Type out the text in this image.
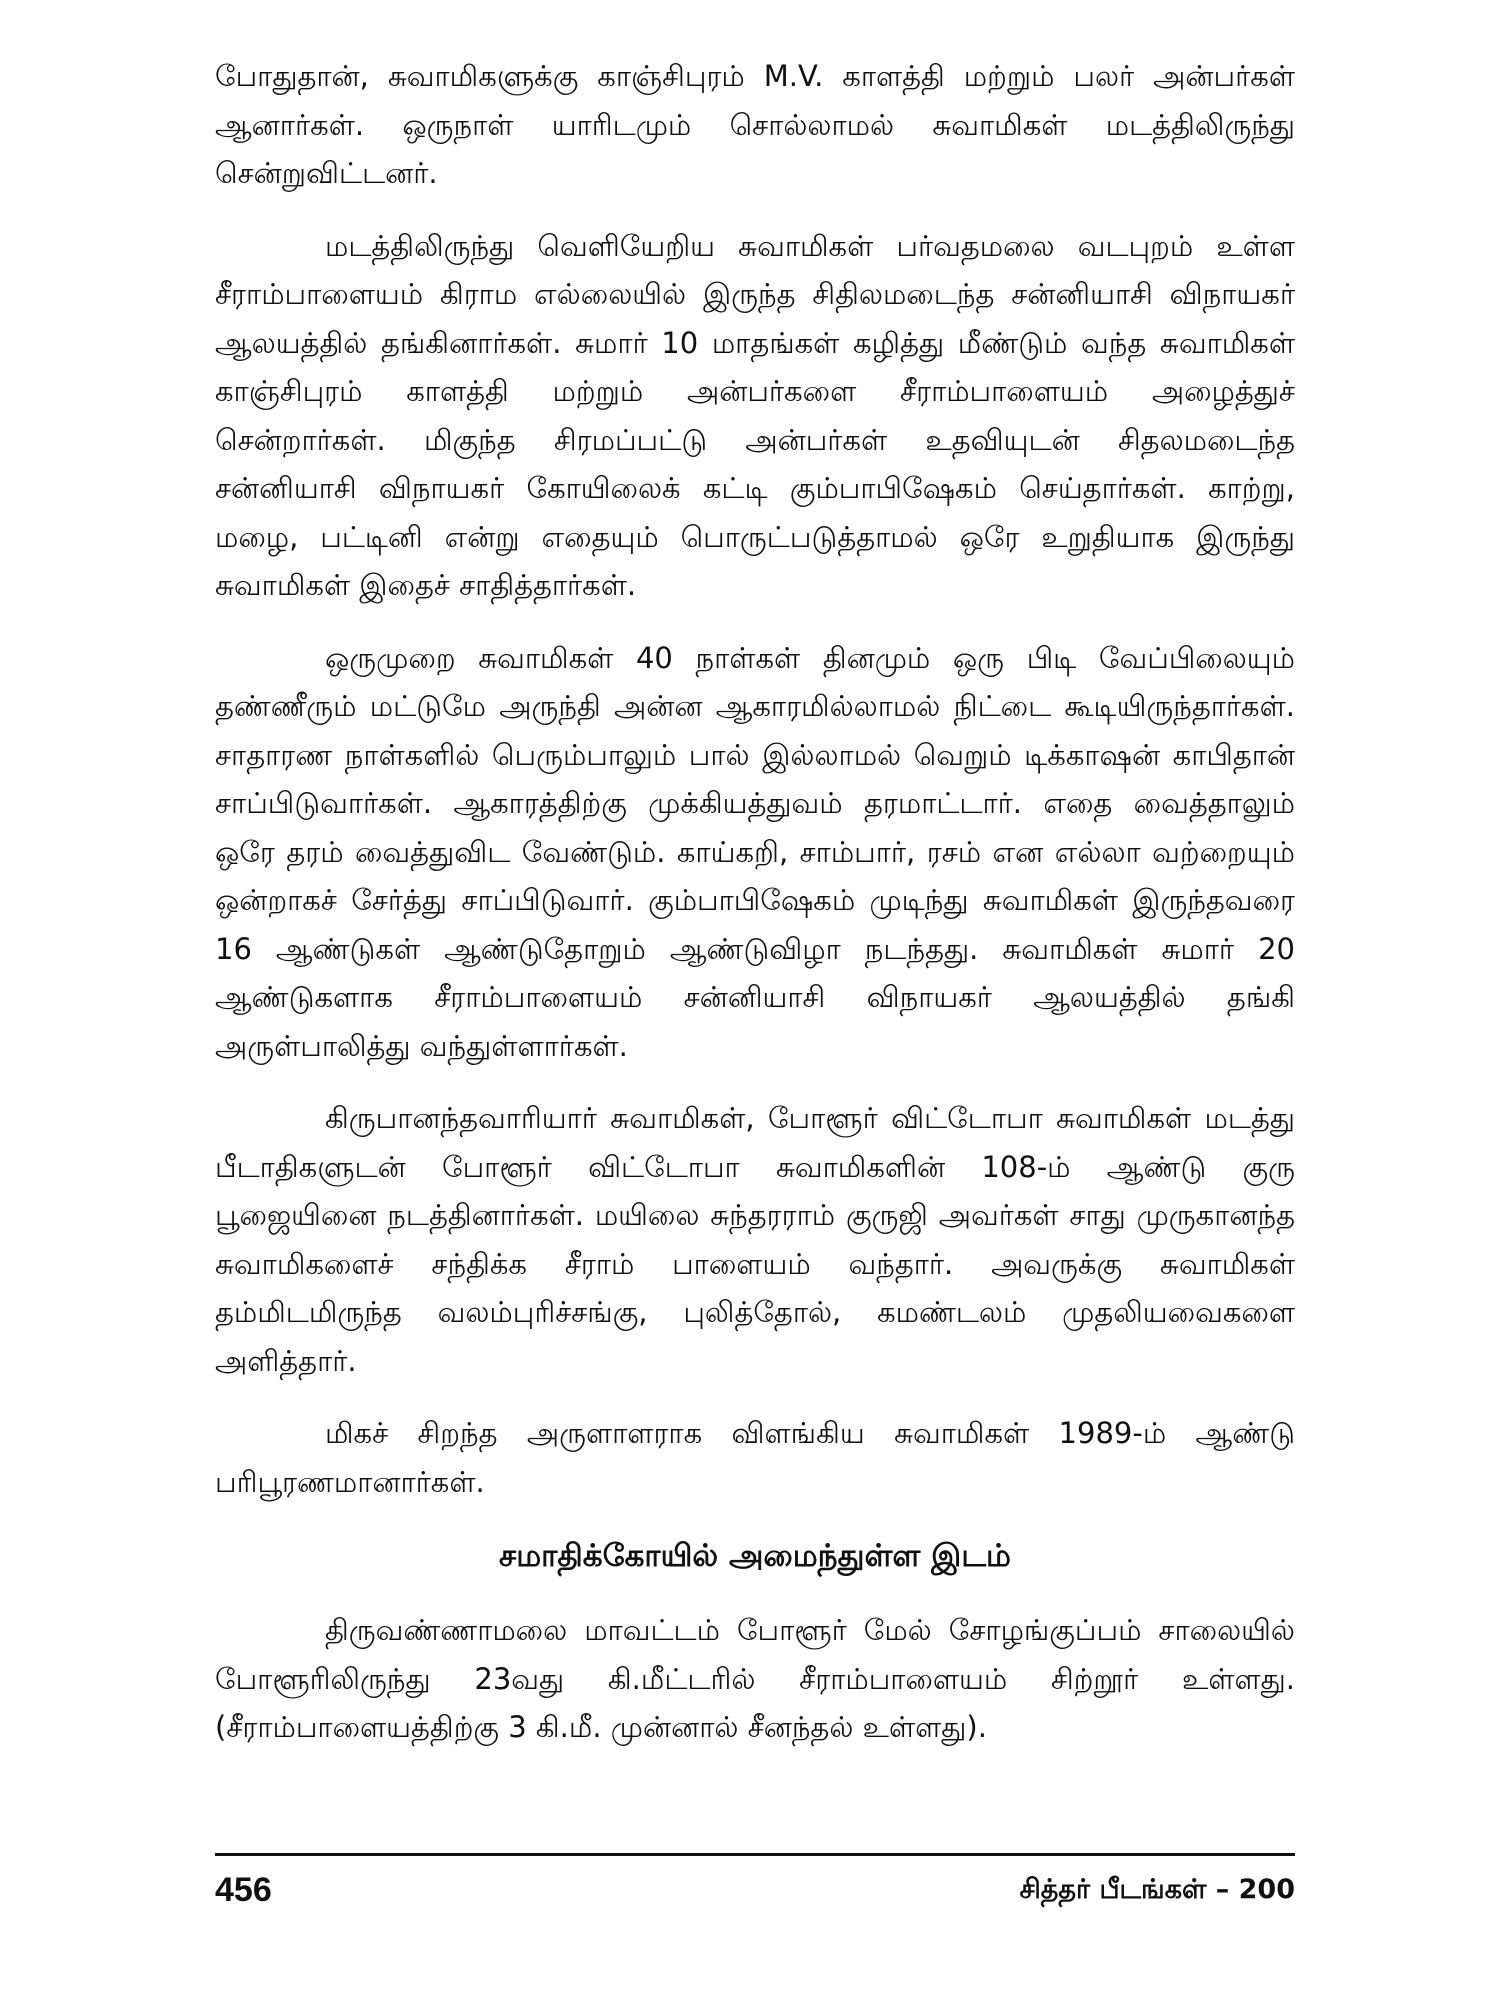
போதுதான், சுவாமிகளுக்கு காஞ்சிபுரம் M.V. காளத்தி மற்றும் பலர் அன்பர்கள் ஆனார்கள். ஒருநாள் யாரிடமும் சொல்லாமல் சுவாமிகள் மடத்திலிருந்து சென்றுவிட்டனர்.

மடத்திலிருந்து வெளியேறிய சுவாமிகள் பர்வதமலை வடபுறம் உள்ள சீராம்பாளையம் கிராம எல்லையில் இருந்த சிதிலமடைந்த சன்னியாசி விநாயகர் ஆலயத்தில் தங்கினார்கள். சுமார் 10 மாதங்கள் கழித்து மீண்டும் வந்த சுவாமிகள் காஞ்சிபுரம் காளத்தி மற்றும் அன்பர்களை சீராம்பாளையம் அழைத்துச் சென்றார்கள். மிகுந்த சிரமப்பட்டு அன்பர்கள் உதவியுடன் சிதலமடைந்த சன்னியாசி விநாயகர் கோயிலைக் கட்டி கும்பாபிஷேகம் செய்தார்கள். காற்று, மழை, பட்டினி என்று எதையும் பொருட்படுத்தாமல் ஒரே உறுதியாக இருந்து சுவாமிகள் இதைச் சாதித்தார்கள்.

ஒருமுறை சுவாமிகள் 40 நாள்கள் தினமும் ஒரு பிடி வேப்பிலையும் தண்ணீரும் மட்டுமே அருந்தி அன்ன ஆகாரமில்லாமல் நிட்டை கூடியிருந்தார்கள். சாதாரண நாள்களில் பெரும்பாலும் பால் இல்லாமல் வெறும் டிக்காஷன் காபிதான் சாப்பிடுவார்கள். ஆகாரத்திற்கு முக்கியத்துவம் தரமாட்டார். எதை வைத்தாலும் ஒரே தரம் வைத்துவிட வேண்டும். காய்கறி, சாம்பார், ரசம் என எல்லா வற்றையும் ஒன்றாகச் சேர்த்து சாப்பிடுவார். கும்பாபிஷேகம் முடிந்து சுவாமிகள் இருந்தவரை 16 ஆண்டுகள் ஆண்டுதோறும் ஆண்டுவிழா நடந்தது. சுவாமிகள் சுமார் 20 ஆண்டுகளாக சீராம்பாளையம் சன்னியாசி விநாயகர் ஆலயத்தில் தங்கி அருள்பாலித்து வந்துள்ளார்கள்.

கிருபானந்தவாரியார் சுவாமிகள், போளூர் விட்டோபா சுவாமிகள் மடத்து பீடாதிகளுடன் போளூர் விட்டோபா சுவாமிகளின் 108-ம் ஆண்டு குரு பூஜையினை நடத்தினார்கள். மயிலை சுந்தரராம் குருஜி அவர்கள் சாது முருகானந்த சுவாமிகளைச் சந்திக்க சீராம் பாளையம் வந்தார். அவருக்கு சுவாமிகள் தம்மிடமிருந்த வலம்புரிச்சங்கு, புலித்தோல், கமண்டலம் முதலியவைகளை அளித்தார்.

மிகச் சிறந்த அருளாளராக விளங்கிய சுவாமிகள் 1989-ம் ஆண்டு பரிபூரணமானார்கள்.

சமாதிக்கோயில் அமைந்துள்ள இடம்

திருவண்ணாமலை மாவட்டம் போளூர் மேல் சோழங்குப்பம் சாலையில் போளூரிலிருந்து 23வது கி.மீட்டரில் சீராம்பாளையம் சிற்றூர் உள்ளது. (சீராம்பாளையத்திற்கு 3 கி.மீ. முன்னால் சீனந்தல் உள்ளது).

456	சித்தர் பீடங்கள் – 200
